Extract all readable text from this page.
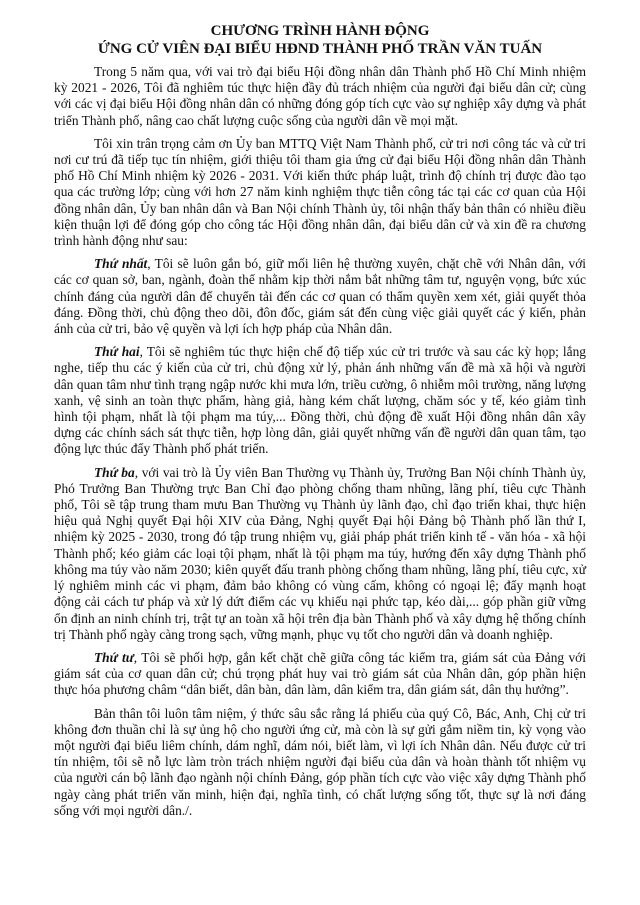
CHƯƠNG TRÌNH HÀNH ĐỘNG
ỨNG CỬ VIÊN ĐẠI BIỂU HĐND THÀNH PHỐ TRẦN VĂN TUẤN

Trong 5 năm qua, với vai trò đại biểu Hội đồng nhân dân Thành phố Hồ Chí Minh nhiệm kỳ 2021 - 2026, Tôi đã nghiêm túc thực hiện đầy đủ trách nhiệm của người đại biểu dân cử; cùng với các vị đại biểu Hội đồng nhân dân có những đóng góp tích cực vào sự nghiệp xây dựng và phát triển Thành phố, nâng cao chất lượng cuộc sống của người dân về mọi mặt.

Tôi xin trân trọng cảm ơn Ủy ban MTTQ Việt Nam Thành phố, cử tri nơi công tác và cử tri nơi cư trú đã tiếp tục tín nhiệm, giới thiệu tôi tham gia ứng cử đại biểu Hội đồng nhân dân Thành phố Hồ Chí Minh nhiệm kỳ 2026 - 2031. Với kiến thức pháp luật, trình độ chính trị được đào tạo qua các trường lớp; cùng với hơn 27 năm kinh nghiệm thực tiễn công tác tại các cơ quan của Hội đồng nhân dân, Ủy ban nhân dân và Ban Nội chính Thành ủy, tôi nhận thấy bản thân có nhiều điều kiện thuận lợi để đóng góp cho công tác Hội đồng nhân dân, đại biểu dân cử và xin đề ra chương trình hành động như sau:

Thứ nhất, Tôi sẽ luôn gắn bó, giữ mối liên hệ thường xuyên, chặt chẽ với Nhân dân, với các cơ quan sở, ban, ngành, đoàn thể nhằm kịp thời nắm bắt những tâm tư, nguyện vọng, bức xúc chính đáng của người dân để chuyển tải đến các cơ quan có thẩm quyền xem xét, giải quyết thỏa đáng. Đồng thời, chủ động theo dõi, đôn đốc, giám sát đến cùng việc giải quyết các ý kiến, phản ánh của cử tri, bảo vệ quyền và lợi ích hợp pháp của Nhân dân.

Thứ hai, Tôi sẽ nghiêm túc thực hiện chế độ tiếp xúc cử tri trước và sau các kỳ họp; lắng nghe, tiếp thu các ý kiến của cử tri, chủ động xử lý, phản ánh những vấn đề mà xã hội và người dân quan tâm như tình trạng ngập nước khi mưa lớn, triều cường, ô nhiễm môi trường, năng lượng xanh, vệ sinh an toàn thực phẩm, hàng giả, hàng kém chất lượng, chăm sóc y tế, kéo giảm tình hình tội phạm, nhất là tội phạm ma túy,... Đồng thời, chủ động đề xuất Hội đồng nhân dân xây dựng các chính sách sát thực tiễn, hợp lòng dân, giải quyết những vấn đề người dân quan tâm, tạo động lực thúc đẩy Thành phố phát triển.

Thứ ba, với vai trò là Ủy viên Ban Thường vụ Thành ủy, Trưởng Ban Nội chính Thành ủy, Phó Trưởng Ban Thường trực Ban Chỉ đạo phòng chống tham nhũng, lãng phí, tiêu cực Thành phố, Tôi sẽ tập trung tham mưu Ban Thường vụ Thành ủy lãnh đạo, chỉ đạo triển khai, thực hiện hiệu quả Nghị quyết Đại hội XIV của Đảng, Nghị quyết Đại hội Đảng bộ Thành phố lần thứ I, nhiệm kỳ 2025 - 2030, trong đó tập trung nhiệm vụ, giải pháp phát triển kinh tế - văn hóa - xã hội Thành phố; kéo giảm các loại tội phạm, nhất là tội phạm ma túy, hướng đến xây dựng Thành phố không ma túy vào năm 2030; kiên quyết đấu tranh phòng chống tham nhũng, lãng phí, tiêu cực, xử lý nghiêm minh các vi phạm, đảm bảo không có vùng cấm, không có ngoại lệ; đẩy mạnh hoạt động cải cách tư pháp và xử lý dứt điểm các vụ khiếu nại phức tạp, kéo dài,... góp phần giữ vững ổn định an ninh chính trị, trật tự an toàn xã hội trên địa bàn Thành phố và xây dựng hệ thống chính trị Thành phố ngày càng trong sạch, vững mạnh, phục vụ tốt cho người dân và doanh nghiệp.

Thứ tư, Tôi sẽ phối hợp, gắn kết chặt chẽ giữa công tác kiểm tra, giám sát của Đảng với giám sát của cơ quan dân cử; chú trọng phát huy vai trò giám sát của Nhân dân, góp phần hiện thực hóa phương châm “dân biết, dân bàn, dân làm, dân kiểm tra, dân giám sát, dân thụ hưởng”.

Bản thân tôi luôn tâm niệm, ý thức sâu sắc rằng lá phiếu của quý Cô, Bác, Anh, Chị cử tri không đơn thuần chỉ là sự ủng hộ cho người ứng cử, mà còn là sự gửi gắm niềm tin, kỳ vọng vào một người đại biểu liêm chính, dám nghĩ, dám nói, biết làm, vì lợi ích Nhân dân. Nếu được cử tri tín nhiệm, tôi sẽ nỗ lực làm tròn trách nhiệm người đại biểu của dân và hoàn thành tốt nhiệm vụ của người cán bộ lãnh đạo ngành nội chính Đảng, góp phần tích cực vào việc xây dựng Thành phố ngày càng phát triển văn minh, hiện đại, nghĩa tình, có chất lượng sống tốt, thực sự là nơi đáng sống với mọi người dân./.
